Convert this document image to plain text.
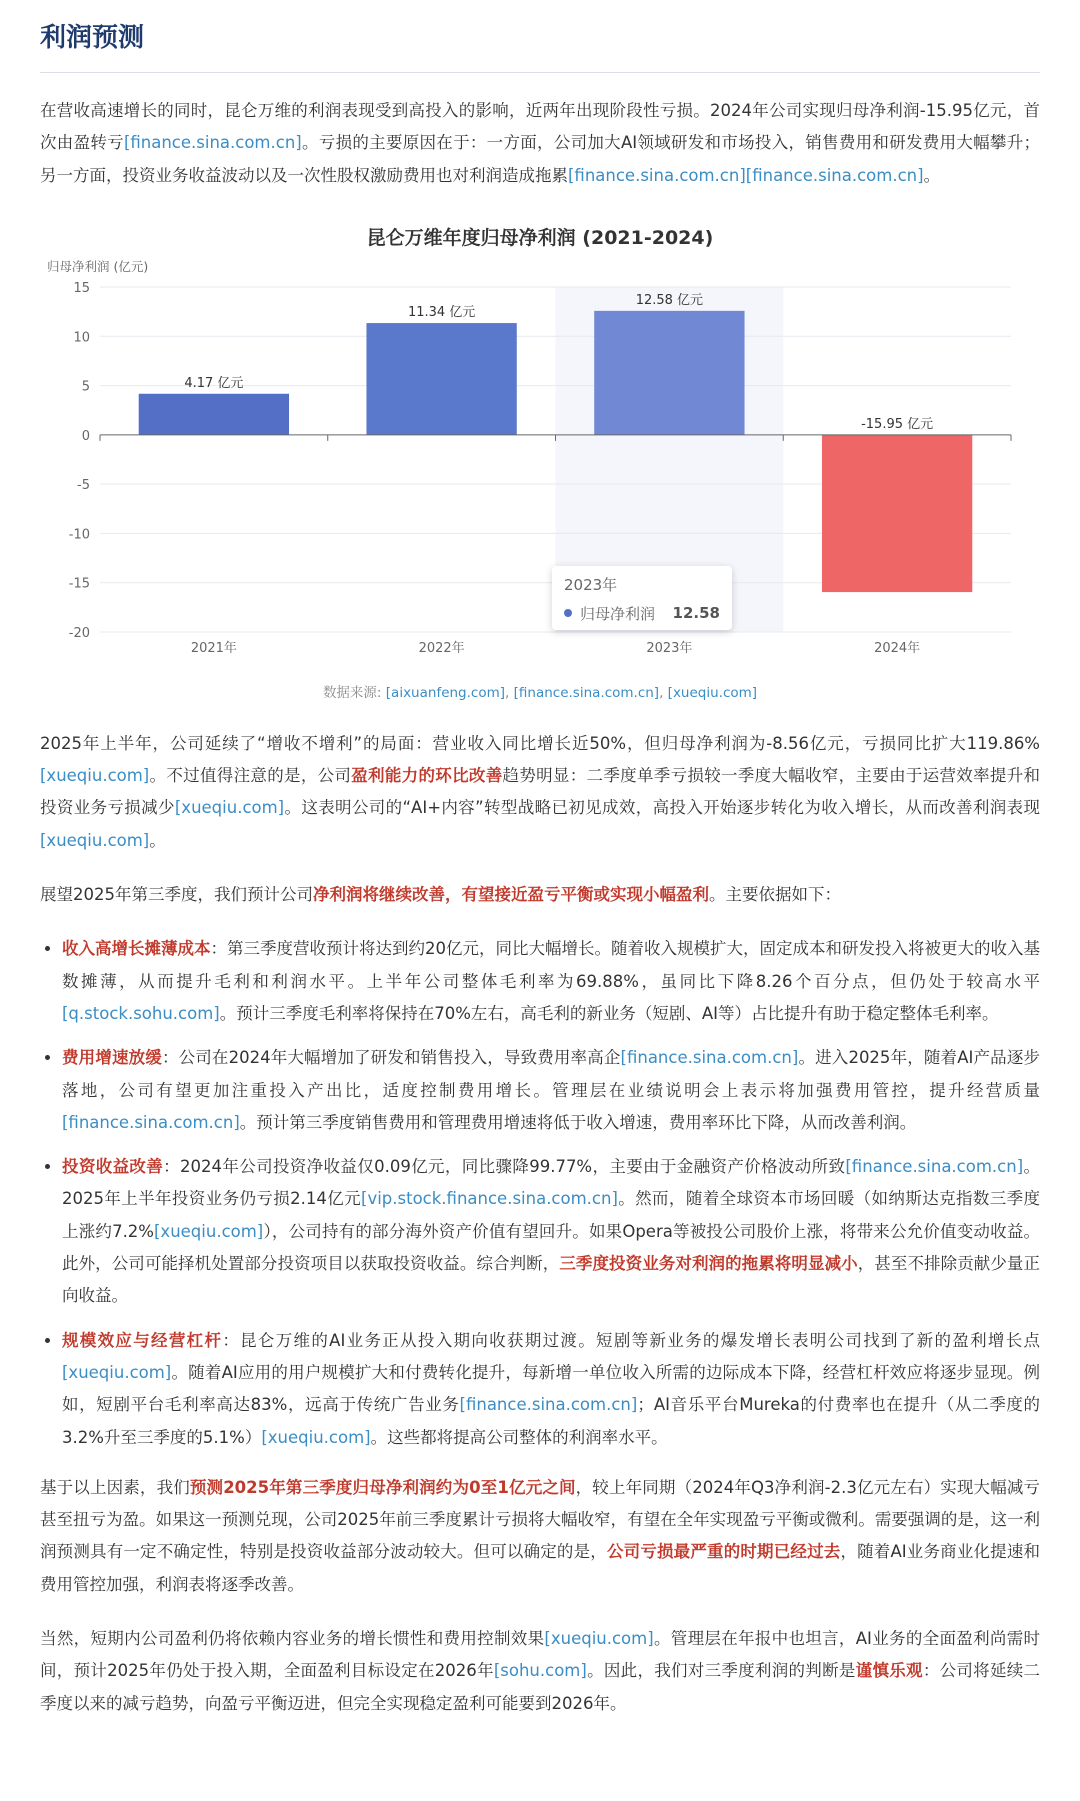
利润预测

在营收高速增长的同时，昆仑万维的利润表现受到高投入的影响，近两年出现阶段性亏损。2024年公司实现归母净利润-15.95亿元，首次由盈转亏[finance.sina.com.cn]。亏损的主要原因在于：一方面，公司加大AI领域研发和市场投入，销售费用和研发费用大幅攀升；另一方面，投资业务收益波动以及一次性股权激励费用也对利润造成拖累[finance.sina.com.cn][finance.sina.com.cn]。

昆仑万维年度归母净利润 (2021-2024)
归母净利润 (亿元)
15
10
5
0
-5
-10
-15
-20
4.17 亿元
2021年
11.34 亿元
2022年
12.58 亿元
2023年
-15.95 亿元
2024年
2023年
归母净利润 12.58
数据来源: [aixuanfeng.com], [finance.sina.com.cn], [xueqiu.com]

2025年上半年，公司延续了“增收不增利”的局面：营业收入同比增长近50%，但归母净利润为-8.56亿元，亏损同比扩大119.86%[xueqiu.com]。不过值得注意的是，公司盈利能力的环比改善趋势明显：二季度单季亏损较一季度大幅收窄，主要由于运营效率提升和投资业务亏损减少[xueqiu.com]。这表明公司的“AI+内容”转型战略已初见成效，高投入开始逐步转化为收入增长，从而改善利润表现[xueqiu.com]。

展望2025年第三季度，我们预计公司净利润将继续改善，有望接近盈亏平衡或实现小幅盈利。主要依据如下：

• 收入高增长摊薄成本：第三季度营收预计将达到约20亿元，同比大幅增长。随着收入规模扩大，固定成本和研发投入将被更大的收入基数摊薄，从而提升毛利和利润水平。上半年公司整体毛利率为69.88%，虽同比下降8.26个百分点，但仍处于较高水平[q.stock.sohu.com]。预计三季度毛利率将保持在70%左右，高毛利的新业务（短剧、AI等）占比提升有助于稳定整体毛利率。
• 费用增速放缓：公司在2024年大幅增加了研发和销售投入，导致费用率高企[finance.sina.com.cn]。进入2025年，随着AI产品逐步落地，公司有望更加注重投入产出比，适度控制费用增长。管理层在业绩说明会上表示将加强费用管控，提升经营质量[finance.sina.com.cn]。预计第三季度销售费用和管理费用增速将低于收入增速，费用率环比下降，从而改善利润。
• 投资收益改善：2024年公司投资净收益仅0.09亿元，同比骤降99.77%，主要由于金融资产价格波动所致[finance.sina.com.cn]。2025年上半年投资业务仍亏损2.14亿元[vip.stock.finance.sina.com.cn]。然而，随着全球资本市场回暖（如纳斯达克指数三季度上涨约7.2%[xueqiu.com]），公司持有的部分海外资产价值有望回升。如果Opera等被投公司股价上涨，将带来公允价值变动收益。此外，公司可能择机处置部分投资项目以获取投资收益。综合判断，三季度投资业务对利润的拖累将明显减小，甚至不排除贡献少量正向收益。
• 规模效应与经营杠杆：昆仑万维的AI业务正从投入期向收获期过渡。短剧等新业务的爆发增长表明公司找到了新的盈利增长点[xueqiu.com]。随着AI应用的用户规模扩大和付费转化提升，每新增一单位收入所需的边际成本下降，经营杠杆效应将逐步显现。例如，短剧平台毛利率高达83%，远高于传统广告业务[finance.sina.com.cn]；AI音乐平台Mureka的付费率也在提升（从二季度的3.2%升至三季度的5.1%）[xueqiu.com]。这些都将提高公司整体的利润率水平。

基于以上因素，我们预测2025年第三季度归母净利润约为0至1亿元之间，较上年同期（2024年Q3净利润-2.3亿元左右）实现大幅减亏甚至扭亏为盈。如果这一预测兑现，公司2025年前三季度累计亏损将大幅收窄，有望在全年实现盈亏平衡或微利。需要强调的是，这一利润预测具有一定不确定性，特别是投资收益部分波动较大。但可以确定的是，公司亏损最严重的时期已经过去，随着AI业务商业化提速和费用管控加强，利润表将逐季改善。

当然，短期内公司盈利仍将依赖内容业务的增长惯性和费用控制效果[xueqiu.com]。管理层在年报中也坦言，AI业务的全面盈利尚需时间，预计2025年仍处于投入期，全面盈利目标设定在2026年[sohu.com]。因此，我们对三季度利润的判断是谨慎乐观：公司将延续二季度以来的减亏趋势，向盈亏平衡迈进，但完全实现稳定盈利可能要到2026年。
